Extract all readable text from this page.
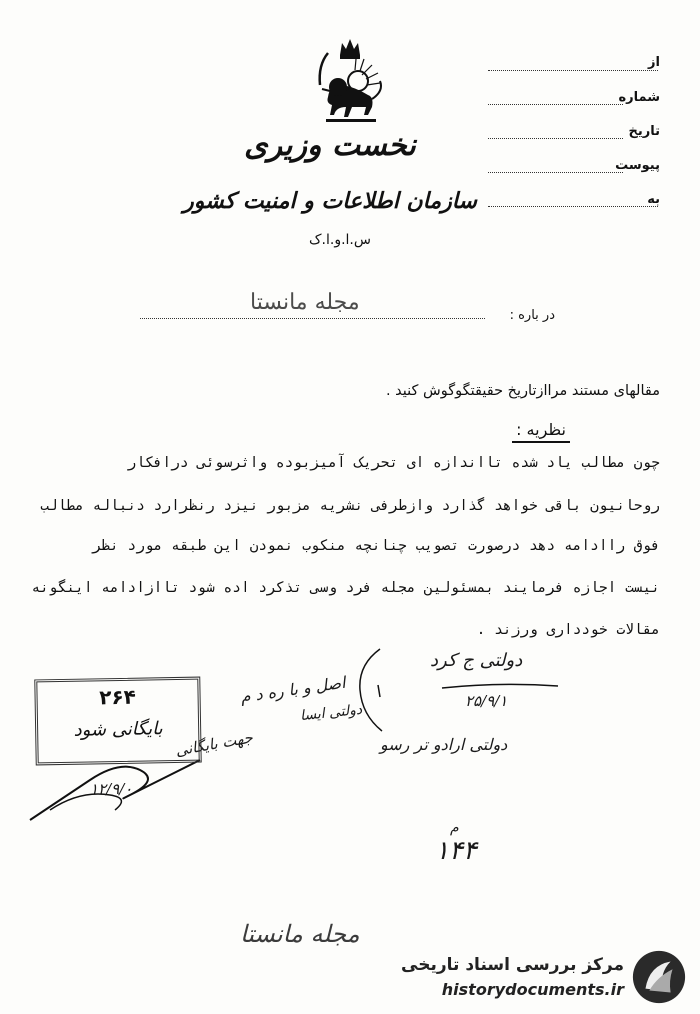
از
شماره
تاریخ
پیوست
به
نخست وزیری
سازمان اطلاعات و امنیت کشور
س.ا.و.ا.ک
در باره :
مجله مانستا
مقالهای مستند مراازتاریخ حقیقتگوگوش کنید .
نظریه :
چون مطالب یاد شده تااندازه ای تحریک آمیزبوده واثرسوئی درافکار
روحانیون باقی خواهد گذارد وازطرفی نشریه مزبور نیزد رنظرارد دنباله مطالب
فوق راادامه دهد درصورت تصویب چنانچه منکوب نمودن این طبقه مورد نظر
نیست اجازه فرمایند بمسئولین مجله فرد وسی تذکرد اده شود تاازادامه اینگونه
مقالات خودداری ورزند .
دولتی ج کرد
۲۵/۹/۱
اصل و با ره د م
دولتی ایسا
دولتی ارادو تر رسو
جهت بایگانی
۱۲/۹/۰
م
۱۴۴
مجله مانستا
۲۶۴
بایگانی شود
مرکز بررسی اسناد تاریخی
historydocuments.ir
